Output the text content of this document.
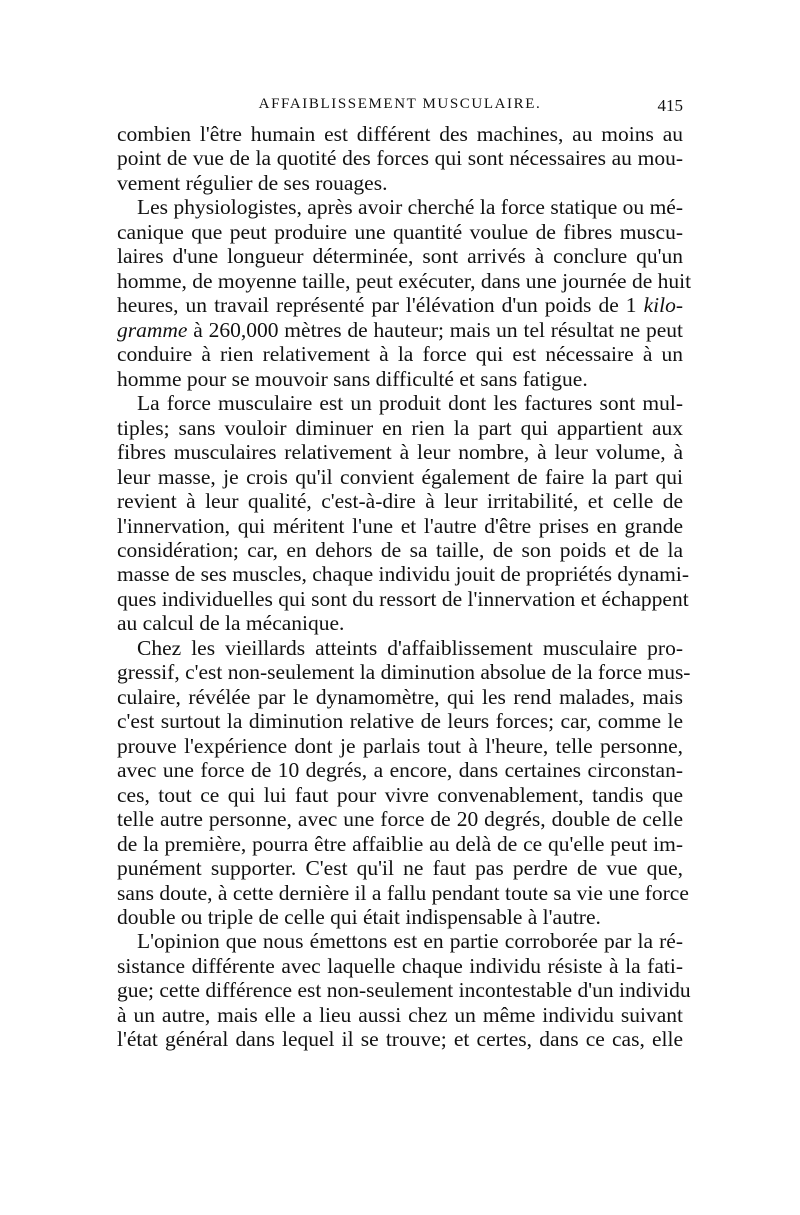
AFFAIBLISSEMENT MUSCULAIRE.	415
combien l'être humain est différent des machines, au moins au
point de vue de la quotité des forces qui sont nécessaires au mou-
vement régulier de ses rouages.
Les physiologistes, après avoir cherché la force statique ou mé-
canique que peut produire une quantité voulue de fibres muscu-
laires d'une longueur déterminée, sont arrivés à conclure qu'un
homme, de moyenne taille, peut exécuter, dans une journée de huit
heures, un travail représenté par l'élévation d'un poids de 1 kilo-
gramme à 260,000 mètres de hauteur; mais un tel résultat ne peut
conduire à rien relativement à la force qui est nécessaire à un
homme pour se mouvoir sans difficulté et sans fatigue.
La force musculaire est un produit dont les factures sont mul-
tiples; sans vouloir diminuer en rien la part qui appartient aux
fibres musculaires relativement à leur nombre, à leur volume, à
leur masse, je crois qu'il convient également de faire la part qui
revient à leur qualité, c'est-à-dire à leur irritabilité, et celle de
l'innervation, qui méritent l'une et l'autre d'être prises en grande
considération; car, en dehors de sa taille, de son poids et de la
masse de ses muscles, chaque individu jouit de propriétés dynami-
ques individuelles qui sont du ressort de l'innervation et échappent
au calcul de la mécanique.
Chez les vieillards atteints d'affaiblissement musculaire pro-
gressif, c'est non-seulement la diminution absolue de la force mus-
culaire, révélée par le dynamomètre, qui les rend malades, mais
c'est surtout la diminution relative de leurs forces; car, comme le
prouve l'expérience dont je parlais tout à l'heure, telle personne,
avec une force de 10 degrés, a encore, dans certaines circonstan-
ces, tout ce qui lui faut pour vivre convenablement, tandis que
telle autre personne, avec une force de 20 degrés, double de celle
de la première, pourra être affaiblie au delà de ce qu'elle peut im-
punément supporter. C'est qu'il ne faut pas perdre de vue que,
sans doute, à cette dernière il a fallu pendant toute sa vie une force
double ou triple de celle qui était indispensable à l'autre.
L'opinion que nous émettons est en partie corroborée par la ré-
sistance différente avec laquelle chaque individu résiste à la fati-
gue; cette différence est non-seulement incontestable d'un individu
à un autre, mais elle a lieu aussi chez un même individu suivant
l'état général dans lequel il se trouve; et certes, dans ce cas, elle
